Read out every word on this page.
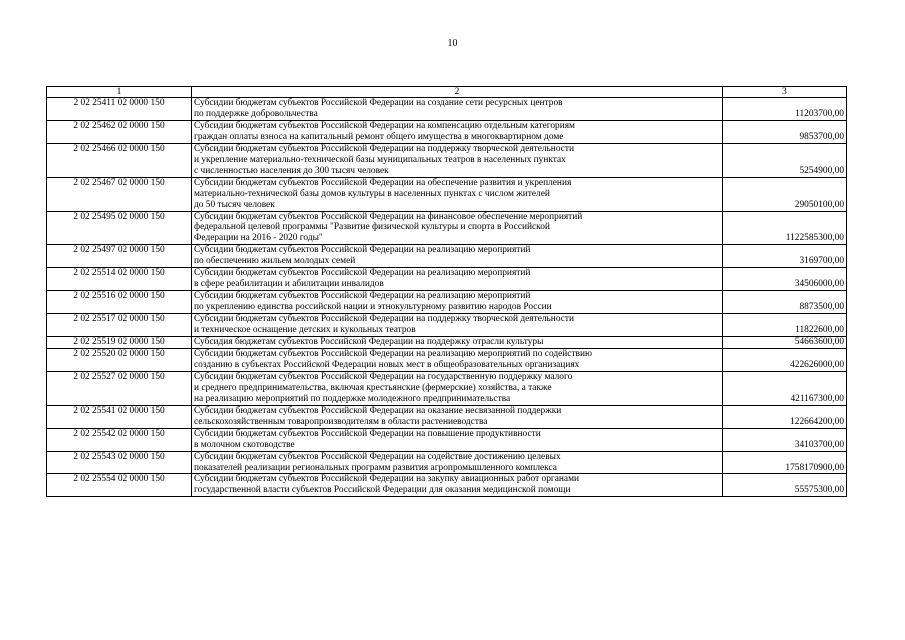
10
1	2	3
2 02 25411 02 0000 150	Субсидии бюджетам субъектов Российской Федерации на создание сети ресурсных центров
по поддержке добровольчества	11203700,00
2 02 25462 02 0000 150	Субсидии бюджетам субъектов Российской Федерации на компенсацию отдельным категориям
граждан оплаты взноса на капитальный ремонт общего имущества в многоквартирном доме	9853700,00
2 02 25466 02 0000 150	Субсидии бюджетам субъектов Российской Федерации на поддержку творческой деятельности
и укрепление материально-технической базы муниципальных театров в населенных пунктах
с численностью населения до 300 тысяч человек	5254900,00
2 02 25467 02 0000 150	Субсидии бюджетам субъектов Российской Федерации на обеспечение развития и укрепления
материально-технической базы домов культуры в населенных пунктах с числом жителей
до 50 тысяч человек	29050100,00
2 02 25495 02 0000 150	Субсидии бюджетам субъектов Российской Федерации на финансовое обеспечение мероприятий
федеральной целевой программы "Развитие физической культуры и спорта в Российской
Федерации на 2016 - 2020 годы"	1122585300,00
2 02 25497 02 0000 150	Субсидии бюджетам субъектов Российской Федерации на реализацию мероприятий
по обеспечению жильем молодых семей	3169700,00
2 02 25514 02 0000 150	Субсидии бюджетам субъектов Российской Федерации на реализацию мероприятий
в сфере реабилитации и абилитации инвалидов	34506000,00
2 02 25516 02 0000 150	Субсидии бюджетам субъектов Российской Федерации на реализацию мероприятий
по укреплению единства российской нации и этнокультурному развитию народов России	8873500,00
2 02 25517 02 0000 150	Субсидии бюджетам субъектов Российской Федерации на поддержку творческой деятельности
и техническое оснащение детских и кукольных театров	11822600,00
2 02 25519 02 0000 150	Субсидия бюджетам субъектов Российской Федерации на поддержку отрасли культуры	54663600,00
2 02 25520 02 0000 150	Субсидии бюджетам субъектов Российской Федерации на реализацию мероприятий по содействию
созданию в субъектах Российской Федерации новых мест в общеобразовательных организациях	422626000,00
2 02 25527 02 0000 150	Субсидии бюджетам субъектов Российской Федерации на государственную поддержку малого
и среднего предпринимательства, включая крестьянские (фермерские) хозяйства, а также
на реализацию мероприятий по поддержке молодежного предпринимательства	421167300,00
2 02 25541 02 0000 150	Субсидии бюджетам субъектов Российской Федерации на оказание несвязанной поддержки
сельскохозяйственным товаропроизводителям в области растениеводства	122664200,00
2 02 25542 02 0000 150	Субсидии бюджетам субъектов Российской Федерации на повышение продуктивности
в молочном скотоводстве	34103700,00
2 02 25543 02 0000 150	Субсидии бюджетам субъектов Российской Федерации на содействие достижению целевых
показателей реализации региональных программ развития агропромышленного комплекса	1758170900,00
2 02 25554 02 0000 150	Субсидии бюджетам субъектов Российской Федерации на закупку авиационных работ органами
государственной власти субъектов Российской Федерации для оказания медицинской помощи	55575300,00
